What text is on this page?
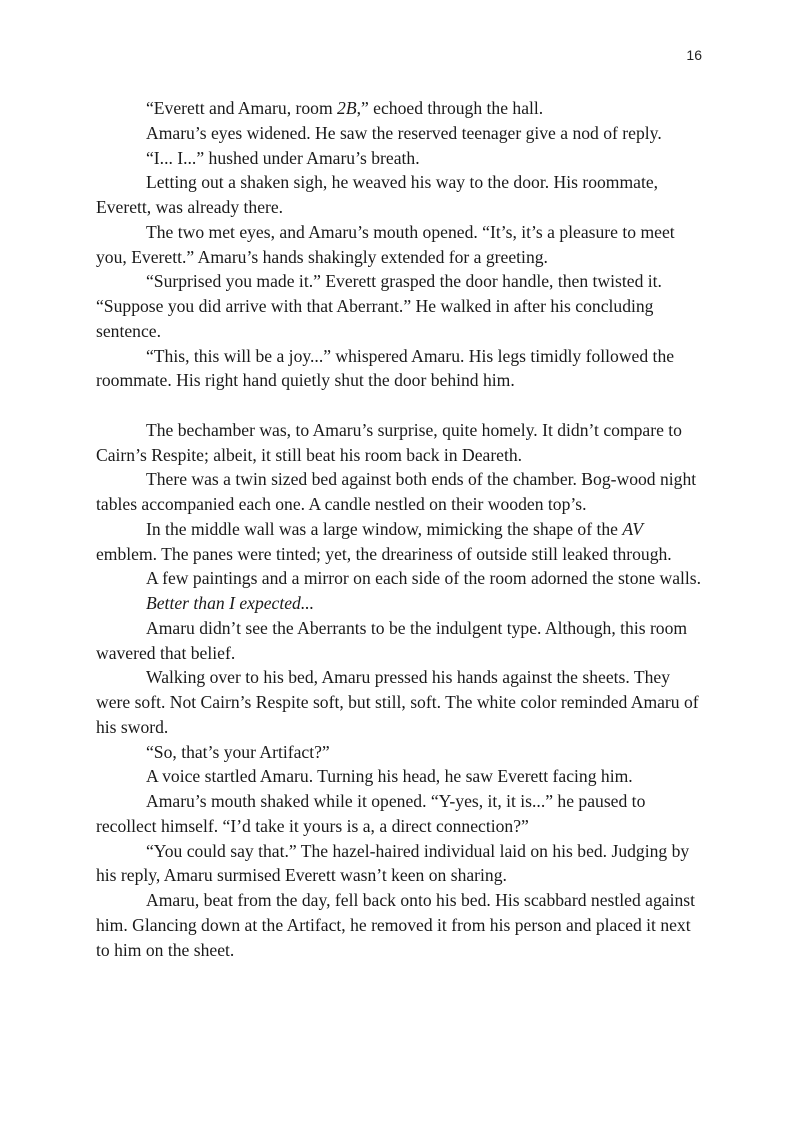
16

“Everett and Amaru, room 2B,” echoed through the hall.

Amaru’s eyes widened. He saw the reserved teenager give a nod of reply.

“I... I...” hushed under Amaru’s breath.

Letting out a shaken sigh, he weaved his way to the door. His roommate, Everett, was already there.

The two met eyes, and Amaru’s mouth opened. “It’s, it’s a pleasure to meet you, Everett.” Amaru’s hands shakingly extended for a greeting.

“Surprised you made it.” Everett grasped the door handle, then twisted it. “Suppose you did arrive with that Aberrant.” He walked in after his concluding sentence.

“This, this will be a joy...” whispered Amaru. His legs timidly followed the roommate. His right hand quietly shut the door behind him.

The bechamber was, to Amaru’s surprise, quite homely. It didn’t compare to Cairn’s Respite; albeit, it still beat his room back in Deareth.

There was a twin sized bed against both ends of the chamber. Bog-wood night tables accompanied each one. A candle nestled on their wooden top’s.

In the middle wall was a large window, mimicking the shape of the AV emblem. The panes were tinted; yet, the dreariness of outside still leaked through.

A few paintings and a mirror on each side of the room adorned the stone walls.

Better than I expected...

Amaru didn’t see the Aberrants to be the indulgent type. Although, this room wavered that belief.

Walking over to his bed, Amaru pressed his hands against the sheets. They were soft. Not Cairn’s Respite soft, but still, soft. The white color reminded Amaru of his sword.

“So, that’s your Artifact?”

A voice startled Amaru. Turning his head, he saw Everett facing him.

Amaru’s mouth shaked while it opened. “Y-yes, it, it is...” he paused to recollect himself. “I’d take it yours is a, a direct connection?”

“You could say that.” The hazel-haired individual laid on his bed. Judging by his reply, Amaru surmised Everett wasn’t keen on sharing.

Amaru, beat from the day, fell back onto his bed. His scabbard nestled against him. Glancing down at the Artifact, he removed it from his person and placed it next to him on the sheet.
